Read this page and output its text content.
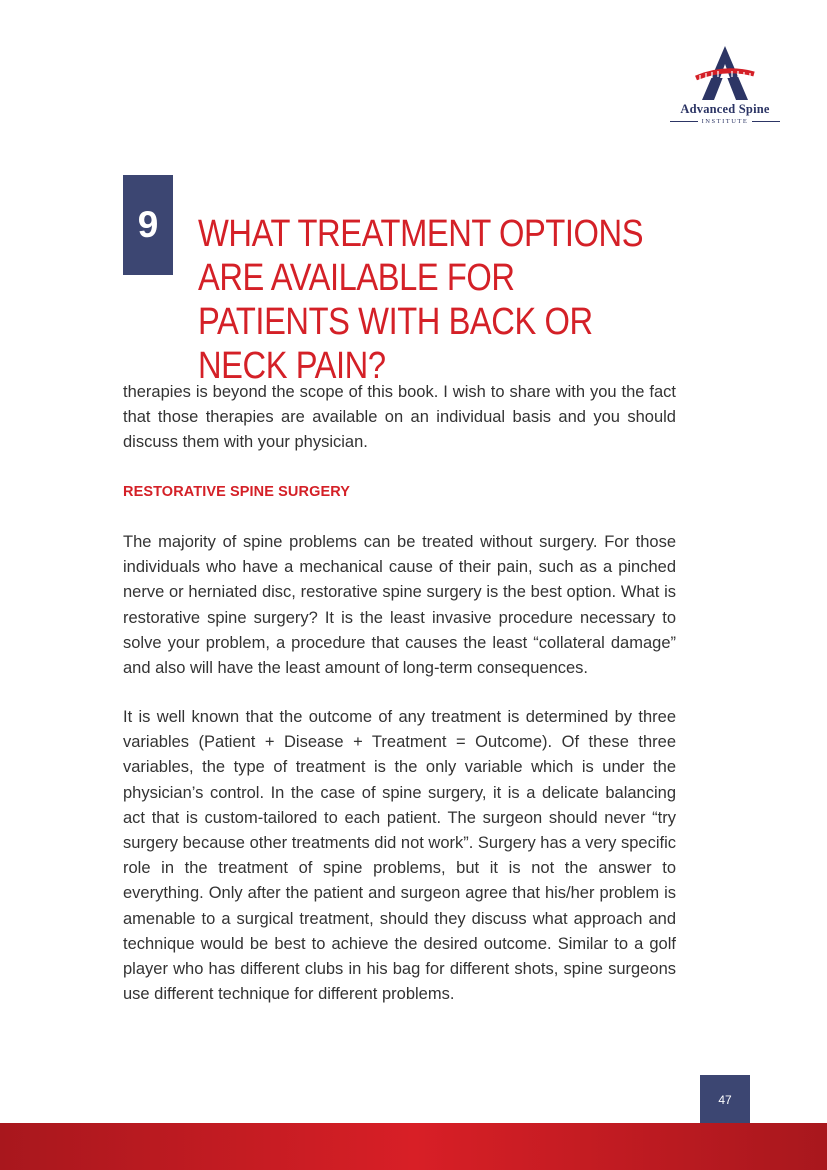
Advanced Spine
INSTITUTE
9	WHAT TREATMENT OPTIONS ARE AVAILABLE FOR PATIENTS WITH BACK OR NECK PAIN?

therapies is beyond the scope of this book. I wish to share with you the fact that those therapies are available on an individual basis and you should discuss them with your physician.

RESTORATIVE SPINE SURGERY

The majority of spine problems can be treated without surgery. For those individuals who have a mechanical cause of their pain, such as a pinched nerve or herniated disc, restorative spine surgery is the best option. What is restorative spine surgery? It is the least invasive procedure necessary to solve your problem, a procedure that causes the least “collateral damage” and also will have the least amount of long-term consequences.

It is well known that the outcome of any treatment is determined by three variables (Patient + Disease + Treatment = Outcome). Of these three variables, the type of treatment is the only variable which is under the physician’s control. In the case of spine surgery, it is a delicate balancing act that is custom-tailored to each patient. The surgeon should never “try surgery because other treatments did not work”. Surgery has a very specific role in the treatment of spine problems, but it is not the answer to everything. Only after the patient and surgeon agree that his/her problem is amenable to a surgical treatment, should they discuss what approach and technique would be best to achieve the desired outcome. Similar to a golf player who has different clubs in his bag for different shots, spine surgeons use different technique for different problems.

47
